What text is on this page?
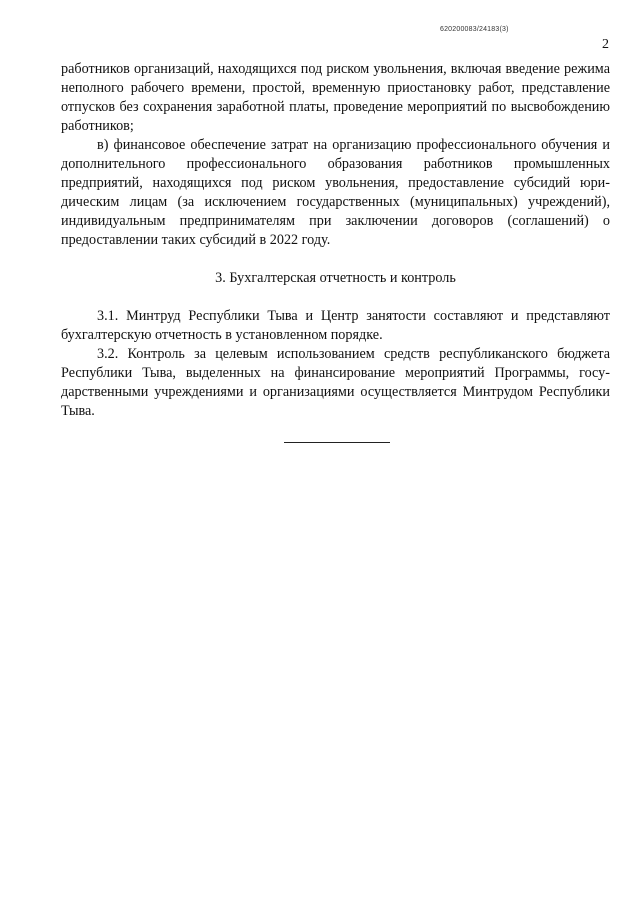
620200083/24183(3)
2

работников организаций, находящихся под риском увольнения, включая введение режима неполного рабочего времени, простой, временную приостановку работ, представление отпусков без сохранения заработной платы, проведение мероприятий по высвобождению работников;

в) финансовое обеспечение затрат на организацию профессионального обучения и дополнительного профессионального образования работников промышленных предприятий, находящихся под риском увольнения, предоставление субсидий юридическим лицам (за исключением государственных (муниципальных) учреждений), индивидуальным предпринимателям при заключении договоров (соглашений) о предоставлении таких субсидий в 2022 году.

3. Бухгалтерская отчетность и контроль

3.1. Минтруд Республики Тыва и Центр занятости составляют и представляют бухгалтерскую отчетность в установленном порядке.

3.2. Контроль за целевым использованием средств республиканского бюджета Республики Тыва, выделенных на финансирование мероприятий Программы, государственными учреждениями и организациями осуществляется Минтрудом Республики Тыва.
